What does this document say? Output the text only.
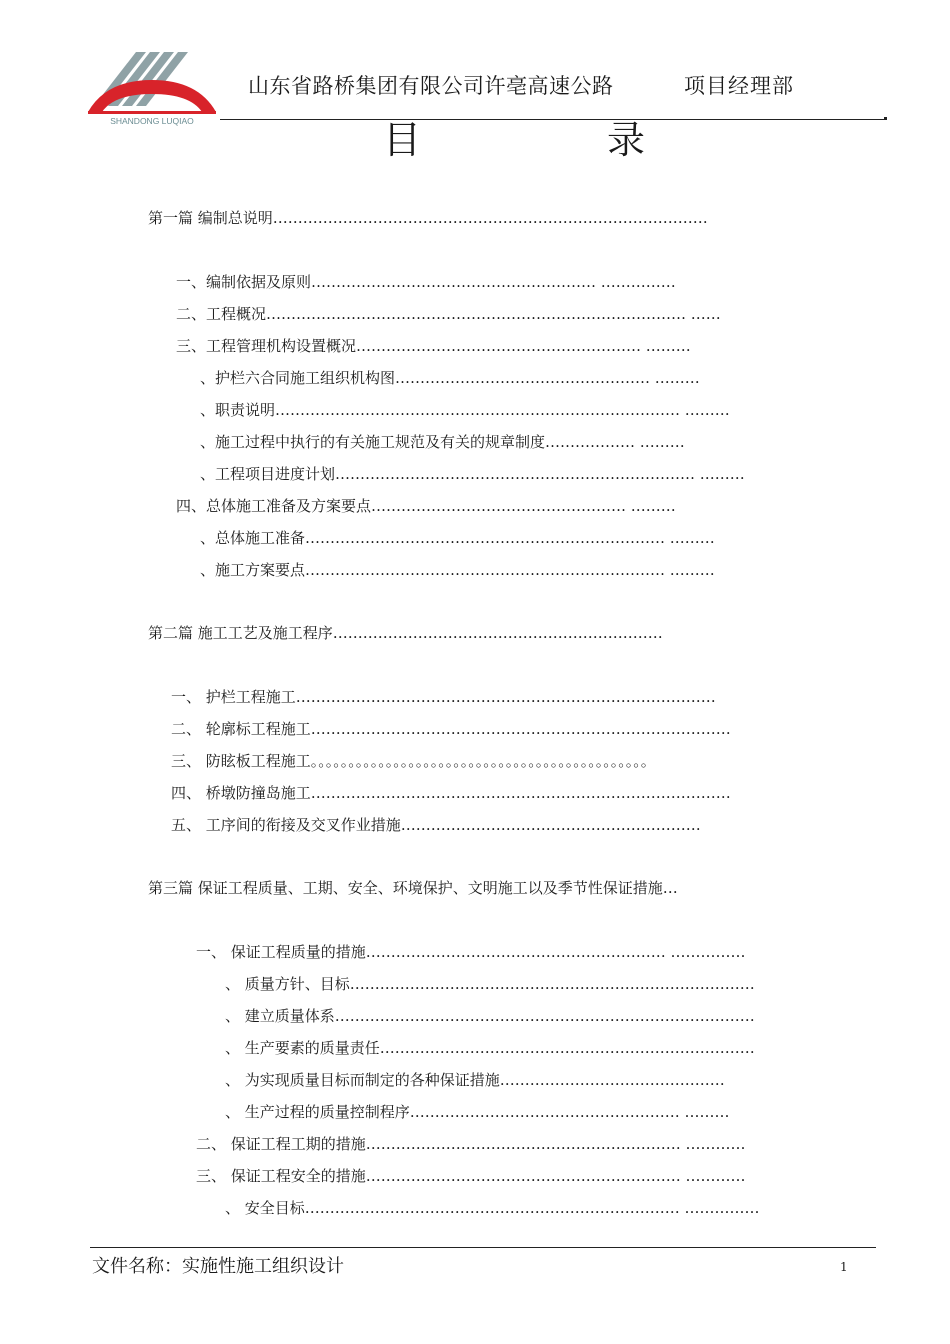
SHANDONG LUQIAO
山东省路桥集团有限公司许亳高速公路	项目经理部
目	录
第一篇 编制总说明……………………………………………………………………………
一、编制依据及原则………………………………………………… ……………
二、工程概况………………………………………………………………………… ……
三、工程管理机构设置概况………………………………………………… ………
、护栏六合同施工组织机构图…………………………………………… ………
、职责说明……………………………………………………………………… ………
、施工过程中执行的有关施工规范及有关的规章制度……………… ………
、工程项目进度计划……………………………………………………………… ………
四、总体施工准备及方案要点…………………………………………… ………
、总体施工准备……………………………………………………………… ………
、施工方案要点……………………………………………………………… ………
第二篇 施工工艺及施工程序…………………………………………………………
一、 护栏工程施工…………………………………………………………………………
二、 轮廓标工程施工…………………………………………………………………………
三、 防眩板工程施工。。。。。。。。。。。。。。。。。。。。。。。。。。。。。。。。。。。。。。。。。。。。。
四、 桥墩防撞岛施工…………………………………………………………………………
五、 工序间的衔接及交叉作业措施……………………………………………………
第三篇 保证工程质量、工期、安全、环境保护、文明施工以及季节性保证措施…
一、 保证工程质量的措施…………………………………………………… ……………
、 质量方针、目标………………………………………………………………………
、 建立质量体系…………………………………………………………………………
、 生产要素的质量责任…………………………………………………………………
、 为实现质量目标而制定的各种保证措施………………………………………
、 生产过程的质量控制程序……………………………………………… ………
二、 保证工程工期的措施……………………………………………………… …………
三、 保证工程安全的措施……………………………………………………… …………
、 安全目标………………………………………………………………… ……………
文件名称：实施性施工组织设计	1
